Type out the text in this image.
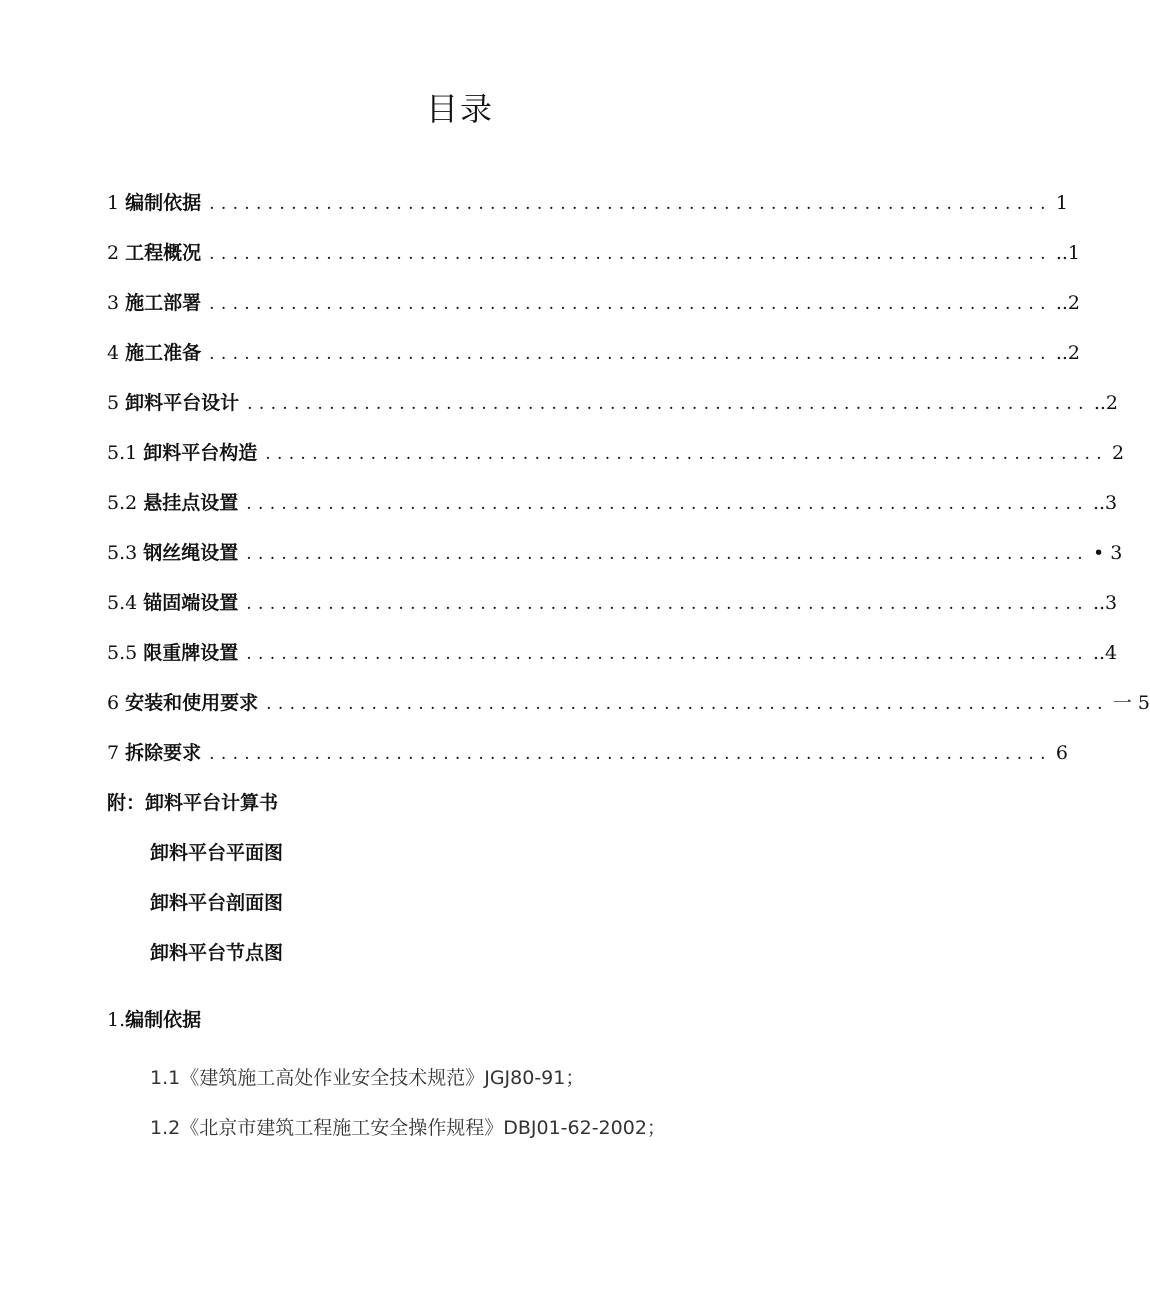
目录
1 编制依据 ........................................................................ 1
2 工程概况 ........................................................................ ..1
3 施工部署 ........................................................................ ..2
4 施工准备 ........................................................................ ..2
5 卸料平台设计 ........................................................................ ..2
5.1 卸料平台构造 ........................................................................ 2
5.2 悬挂点设置 ........................................................................ ..3
5.3 钢丝绳设置 ........................................................................ • 3
5.4 锚固端设置 ........................................................................ ..3
5.5 限重牌设置 ........................................................................ ..4
6 安装和使用要求 ........................................................................ 一 5
7 拆除要求 ........................................................................ 6
附：卸料平台计算书
卸料平台平面图
卸料平台剖面图
卸料平台节点图
1.编制依据
1.1《建筑施工高处作业安全技术规范》JGJ80-91；
1.2《北京市建筑工程施工安全操作规程》DBJ01-62-2002；
